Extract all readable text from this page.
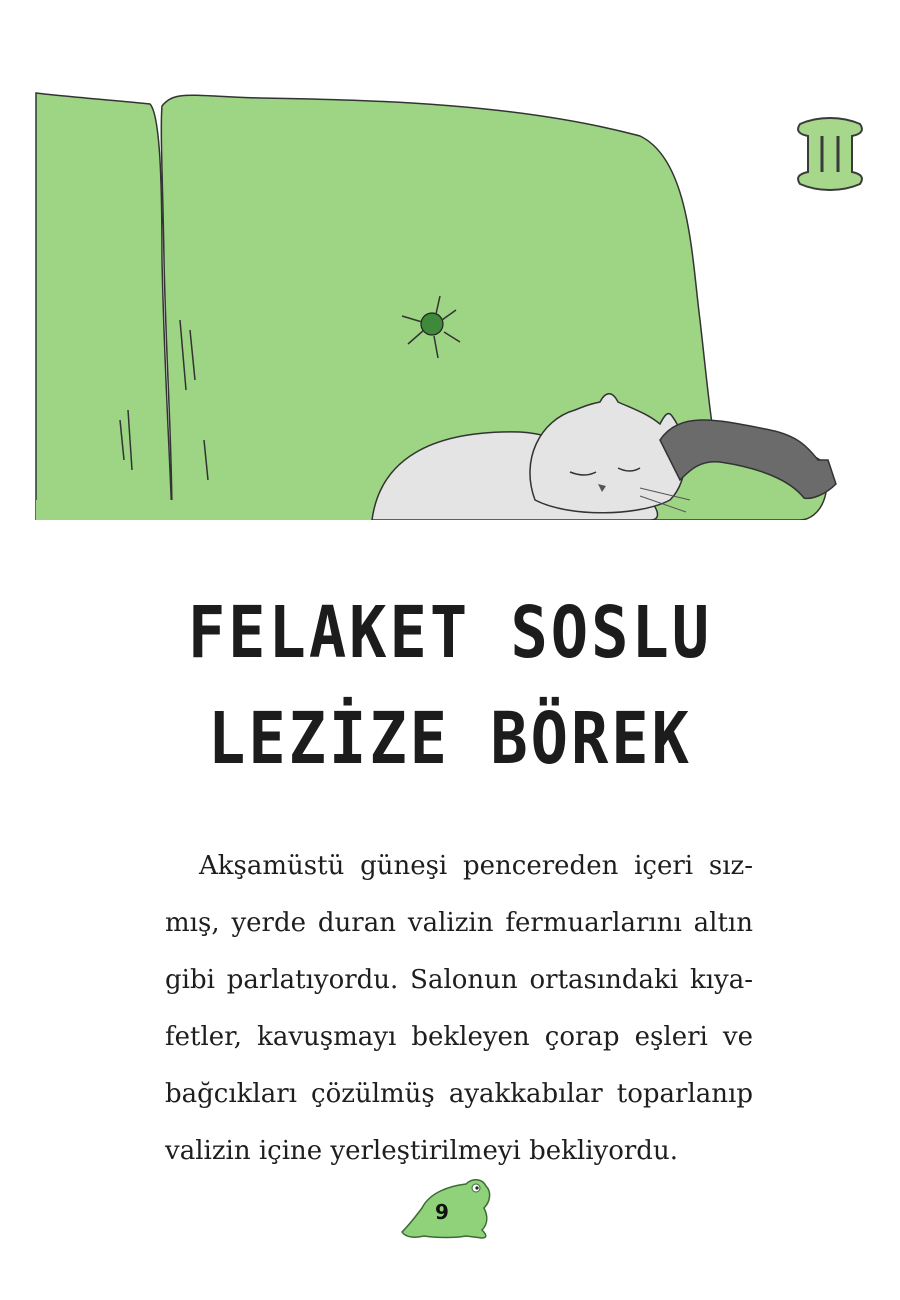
FELAKET SOSLU
LEZİZE BÖREK

Akşamüstü güneşi pencereden içeri sız-
mış, yerde duran valizin fermuarlarını altın
gibi parlatıyordu. Salonun ortasındaki kıya-
fetler, kavuşmayı bekleyen çorap eşleri ve
bağcıkları çözülmüş ayakkabılar toparlanıp
valizin içine yerleştirilmeyi bekliyordu.

9
